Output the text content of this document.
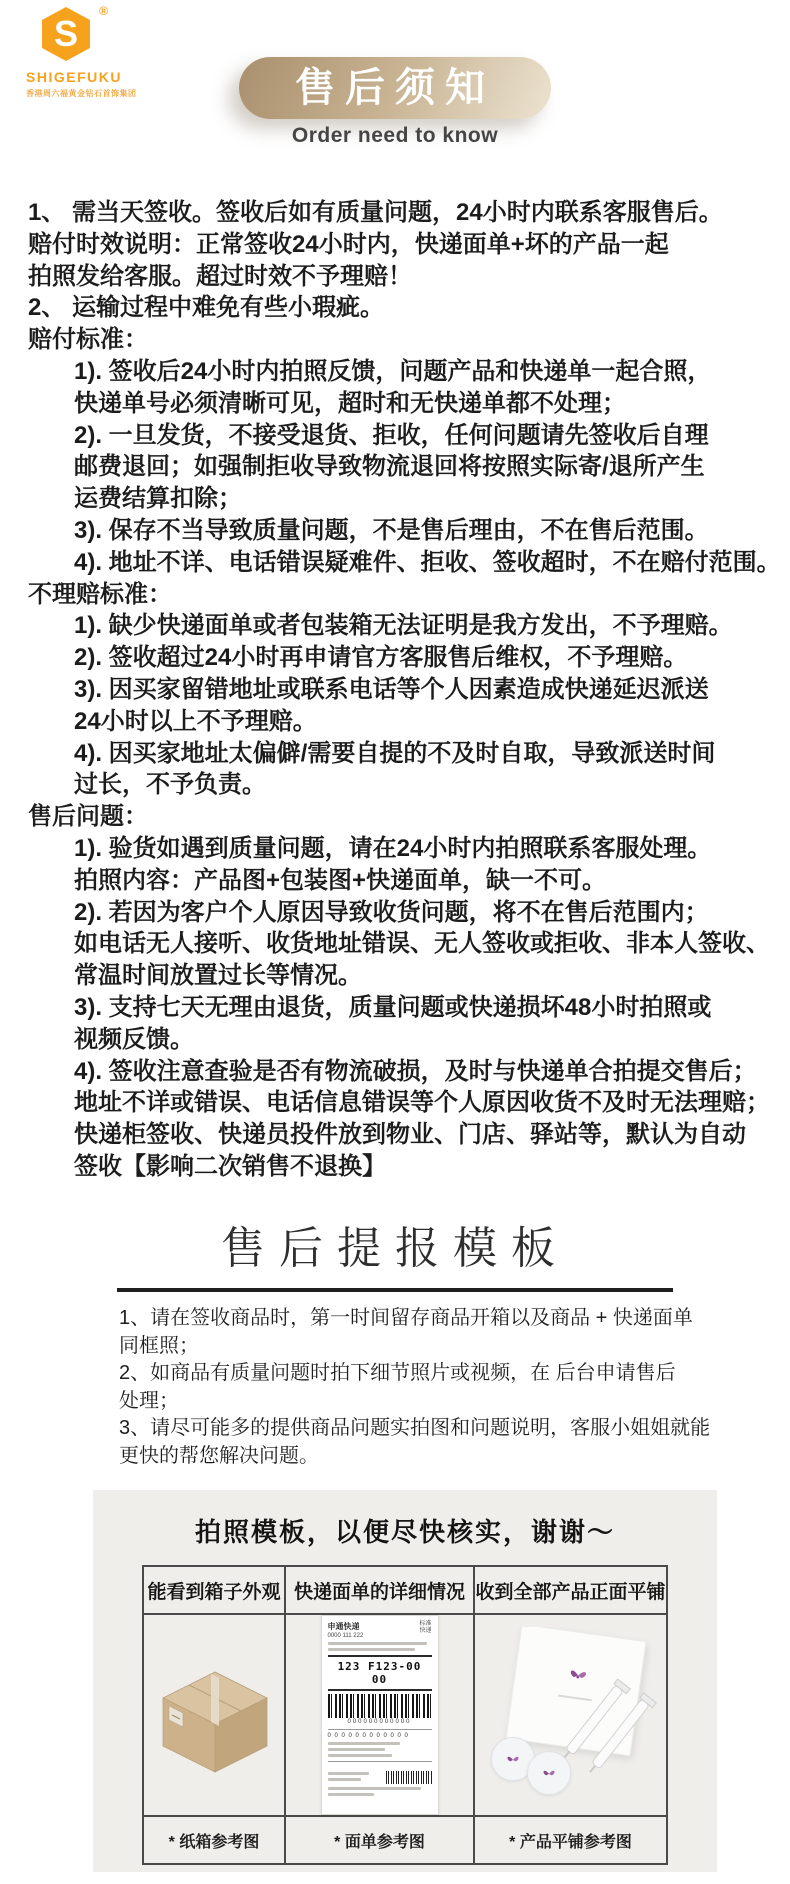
S
®
SHIGEFUKU
香港周六福黄金钻石首饰集团	售后须知
Order need to know
1、 需当天签收。签收后如有质量问题，24小时内联系客服售后。
赔付时效说明：正常签收24小时内，快递面单+坏的产品一起
拍照发给客服。超过时效不予理赔！
2、 运输过程中难免有些小瑕疵。
赔付标准：
1). 签收后24小时内拍照反馈，问题产品和快递单一起合照，
快递单号必须清晰可见，超时和无快递单都不处理；
2). 一旦发货，不接受退货、拒收，任何问题请先签收后自理
邮费退回；如强制拒收导致物流退回将按照实际寄/退所产生
运费结算扣除；
3). 保存不当导致质量问题，不是售后理由，不在售后范围。
4). 地址不详、电话错误疑难件、拒收、签收超时，不在赔付范围。
不理赔标准：
1). 缺少快递面单或者包装箱无法证明是我方发出，不予理赔。
2). 签收超过24小时再申请官方客服售后维权，不予理赔。
3). 因买家留错地址或联系电话等个人因素造成快递延迟派送
24小时以上不予理赔。
4). 因买家地址太偏僻/需要自提的不及时自取，导致派送时间
过长，不予负责。
售后问题：
1). 验货如遇到质量问题，请在24小时内拍照联系客服处理。
拍照内容：产品图+包装图+快递面单，缺一不可。
2). 若因为客户个人原因导致收货问题，将不在售后范围内；
如电话无人接听、收货地址错误、无人签收或拒收、非本人签收、
常温时间放置过长等情况。
3). 支持七天无理由退货，质量问题或快递损坏48小时拍照或
视频反馈。
4). 签收注意查验是否有物流破损，及时与快递单合拍提交售后；
地址不详或错误、电话信息错误等个人原因收货不及时无法理赔；
快递柜签收、快递员投件放到物业、门店、驿站等，默认为自动
签收【影响二次销售不退换】
售后提报模板
1、请在签收商品时，第一时间留存商品开箱以及商品 + 快递面单
同框照；
2、如商品有质量问题时拍下细节照片或视频，在 后台申请售后
处理；
3、请尽可能多的提供商品问题实拍图和问题说明，客服小姐姐就能
更快的帮您解决问题。
拍照模板，以便尽快核实，谢谢～
能看到箱子外观	快递面单的详细情况	收到全部产品正面平铺

申通快递
0000 111 222
标准
快递
123 F123-00 00
000000000000
0 0 0 0 0 0 0 0 0 0 0 0

* 纸箱参考图	* 面单参考图	* 产品平铺参考图
